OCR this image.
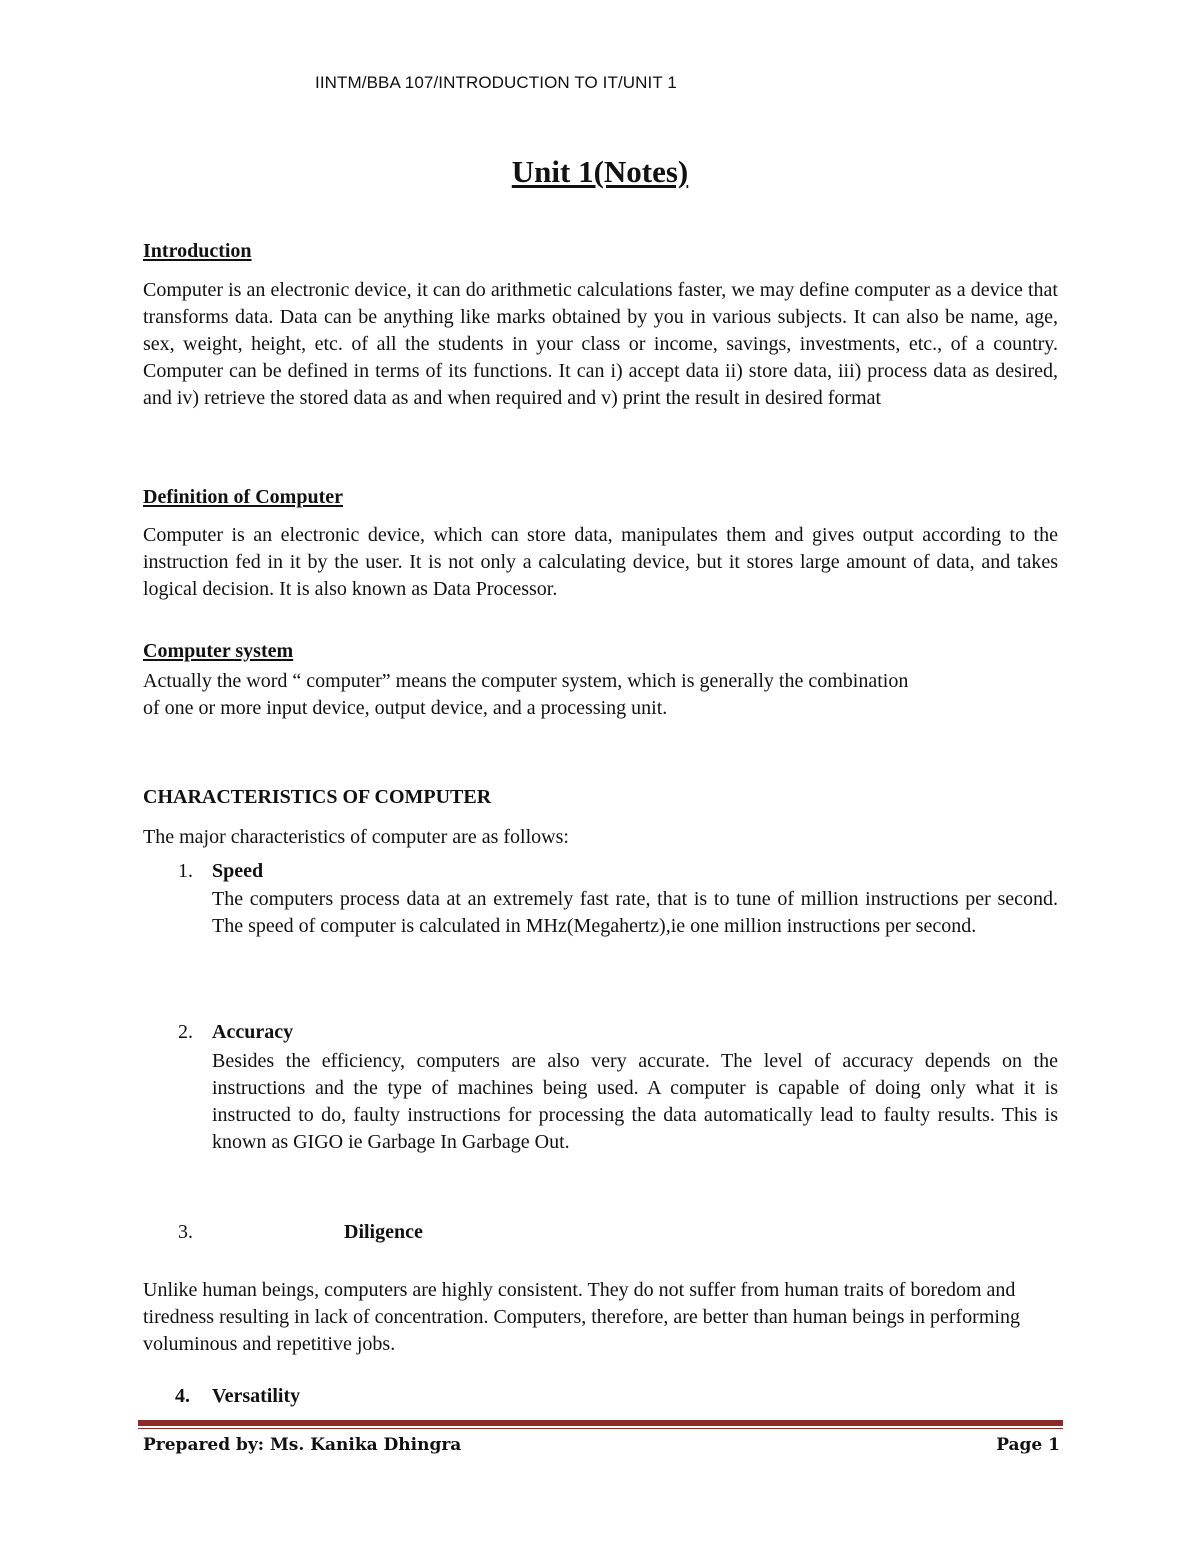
IINTM/BBA 107/INTRODUCTION TO IT/UNIT 1
Unit 1(Notes)
Introduction

Computer is an electronic device, it can do arithmetic calculations faster, we may define computer as a device that transforms data. Data can be anything like marks obtained by you in various subjects. It can also be name, age, sex, weight, height, etc. of all the students in your class or income, savings, investments, etc., of a country. Computer can be defined in terms of its functions. It can i) accept data ii) store data, iii) process data as desired, and iv) retrieve the stored data as and when required and v) print the result in desired format

Definition of Computer

Computer is an electronic device, which can store data, manipulates them and gives output according to the instruction fed in it by the user. It is not only a calculating device, but it stores large amount of data, and takes logical decision. It is also known as Data Processor.

Computer system
Actually the word “ computer” means the computer system, which is generally the combination
of one or more input device, output device, and a processing unit.
CHARACTERISTICS OF COMPUTER
The major characteristics of computer are as follows:
1. Speed

The computers process data at an extremely fast rate, that is to tune of million instructions per second. The speed of computer is calculated in MHz(Megahertz),ie one million instructions per second.

2. Accuracy

Besides the efficiency, computers are also very accurate. The level of accuracy depends on the instructions and the type of machines being used. A computer is capable of doing only what it is instructed to do, faulty instructions for processing the data automatically lead to faulty results. This is known as GIGO ie Garbage In Garbage Out.

3.	Diligence

Unlike human beings, computers are highly consistent. They do not suffer from human traits of boredom and tiredness resulting in lack of concentration. Computers, therefore, are better than human beings in performing voluminous and repetitive jobs.

4. Versatility
Prepared by: Ms. Kanika Dhingra	Page 1
